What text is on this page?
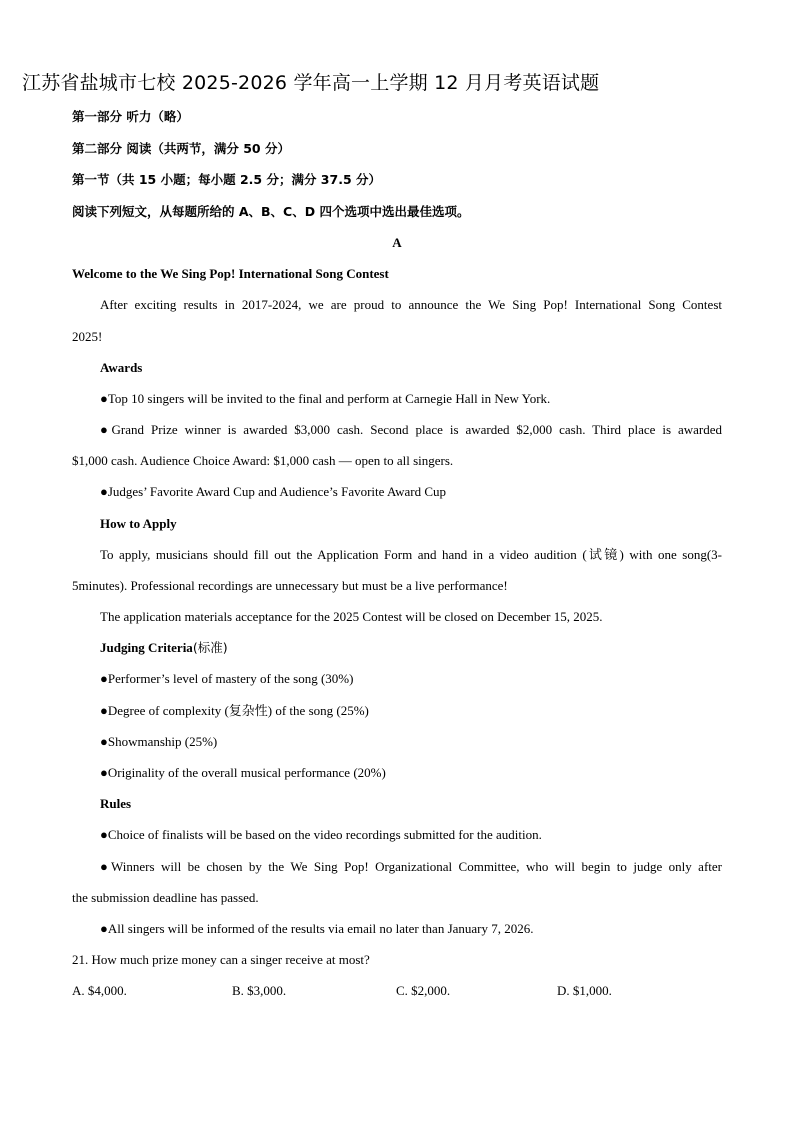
江苏省盐城市七校 2025-2026 学年高一上学期 12 月月考英语试题
第一部分 听力（略）
第二部分 阅读（共两节，满分 50 分）
第一节（共 15 小题；每小题 2.5 分；满分 37.5 分）
阅读下列短文，从每题所给的 A、B、C、D 四个选项中选出最佳选项。
A
Welcome to the We Sing Pop! International Song Contest
After exciting results in 2017-2024, we are proud to announce the We Sing Pop! International Song Contest
2025!
Awards
●Top 10 singers will be invited to the final and perform at Carnegie Hall in New York.
●Grand Prize winner is awarded $3,000 cash. Second place is awarded $2,000 cash. Third place is awarded
$1,000 cash. Audience Choice Award: $1,000 cash — open to all singers.
●Judges’ Favorite Award Cup and Audience’s Favorite Award Cup
How to Apply
To apply, musicians should fill out the Application Form and hand in a video audition (试镜) with one song(3-
5minutes). Professional recordings are unnecessary but must be a live performance!
The application materials acceptance for the 2025 Contest will be closed on December 15, 2025.
Judging Criteria(标准)
●Performer’s level of mastery of the song (30%)
●Degree of complexity (复杂性) of the song (25%)
●Showmanship (25%)
●Originality of the overall musical performance (20%)
Rules
●Choice of finalists will be based on the video recordings submitted for the audition.
●Winners will be chosen by the We Sing Pop! Organizational Committee, who will begin to judge only after
the submission deadline has passed.
●All singers will be informed of the results via email no later than January 7, 2026.
21. How much prize money can a singer receive at most?
A. $4,000.	B. $3,000.	C. $2,000.	D. $1,000.
